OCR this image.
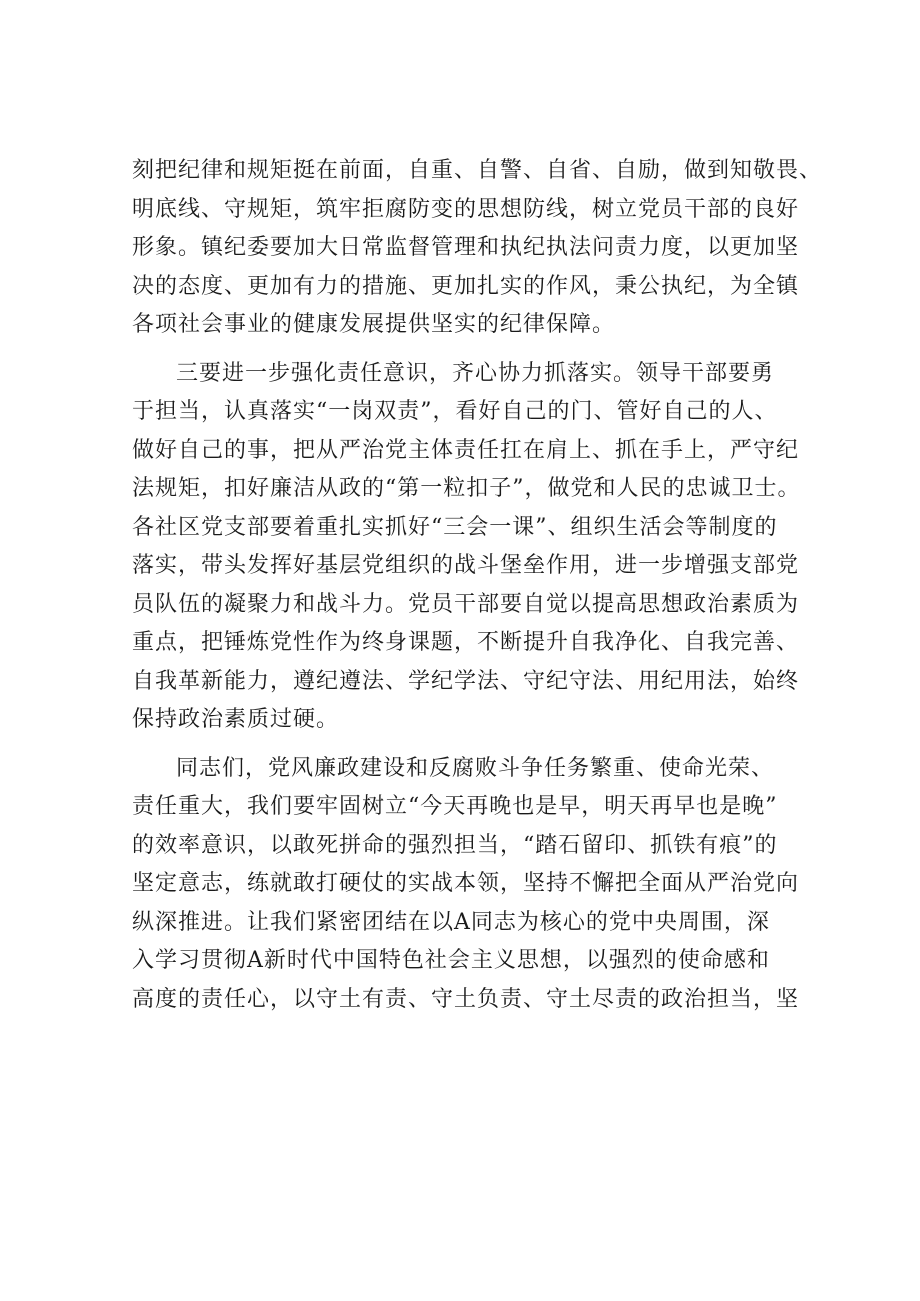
刻把纪律和规矩挺在前面，自重、自警、自省、自励，做到知敬畏、
明底线、守规矩，筑牢拒腐防变的思想防线，树立党员干部的良好
形象。镇纪委要加大日常监督管理和执纪执法问责力度，以更加坚
决的态度、更加有力的措施、更加扎实的作风，秉公执纪，为全镇
各项社会事业的健康发展提供坚实的纪律保障。
三要进一步强化责任意识，齐心协力抓落实。领导干部要勇
于担当，认真落实“一岗双责”，看好自己的门、管好自己的人、
做好自己的事，把从严治党主体责任扛在肩上、抓在手上，严守纪
法规矩，扣好廉洁从政的“第一粒扣子”，做党和人民的忠诚卫士。
各社区党支部要着重扎实抓好“三会一课”、组织生活会等制度的
落实，带头发挥好基层党组织的战斗堡垒作用，进一步增强支部党
员队伍的凝聚力和战斗力。党员干部要自觉以提高思想政治素质为
重点，把锤炼党性作为终身课题，不断提升自我净化、自我完善、
自我革新能力，遵纪遵法、学纪学法、守纪守法、用纪用法，始终
保持政治素质过硬。
同志们，党风廉政建设和反腐败斗争任务繁重、使命光荣、
责任重大，我们要牢固树立“今天再晚也是早，明天再早也是晚”
的效率意识，以敢死拼命的强烈担当，“踏石留印、抓铁有痕”的
坚定意志，练就敢打硬仗的实战本领，坚持不懈把全面从严治党向
纵深推进。让我们紧密团结在以A同志为核心的党中央周围，深
入学习贯彻A新时代中国特色社会主义思想，以强烈的使命感和
高度的责任心，以守土有责、守土负责、守土尽责的政治担当，坚
